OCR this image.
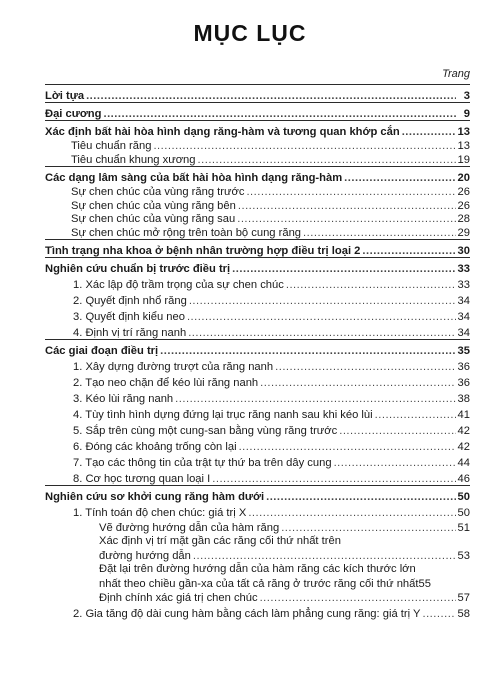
MỤC LỤC
Trang
Lời tựa .....	3
Đại cương .....	9
Xác định bất hài hòa hình dạng răng-hàm và tương quan khớp cắn .....	13
Tiêu chuẩn răng .....	13
Tiêu chuẩn khung xương .....	19
Các dạng lâm sàng của bất hài hòa hình dạng răng-hàm .....	20
Sự chen chúc của vùng răng trước .....	26
Sự chen chúc của vùng răng bên .....	26
Sự chen chúc của vùng răng sau .....	28
Sự chen chúc mở rộng trên toàn bộ cung răng .....	29
Tình trạng nha khoa ở bệnh nhân trường hợp điều trị loại 2 .....	30
Nghiên cứu chuẩn bị trước điều trị .....	33
1. Xác lập độ trầm trọng của sự chen chúc .....	33
2. Quyết định nhổ răng .....	34
3. Quyết định kiểu neo .....	34
4. Định vị trí răng nanh .....	34
Các giai đoạn điều trị .....	35
1. Xây dựng đường trượt của răng nanh .....	36
2. Tạo neo chặn để kéo lùi răng nanh .....	36
3. Kéo lùi răng nanh .....	38
4. Tùy tình hình dựng đứng lại trục răng nanh sau khi kéo lùi .....	41
5. Sắp trên cùng một cung-san bằng vùng răng trước .....	42
6. Đóng các khoảng trống còn lại .....	42
7. Tạo các thông tin của trật tự thứ ba trên dây cung .....	44
8. Cơ học tương quan loại I .....	46
Nghiên cứu sơ khởi cung răng hàm dưới .....	50
1. Tính toán độ chen chúc: giá trị X .....	50
Vẽ đường hướng dẫn của hàm răng .....	51
Xác định vị trí mặt gần các răng cối thứ nhất trên
đường hướng dẫn .....	53
Đặt lại trên đường hướng dẫn của hàm răng các kích thước lớn
nhất theo chiều gần-xa của tất cả răng ở trước răng cối thứ nhất 55
Định chính xác giá trị chen chúc .....	57
2. Gia tăng độ dài cung hàm bằng cách làm phẳng cung răng: giá trị Y .....	58
